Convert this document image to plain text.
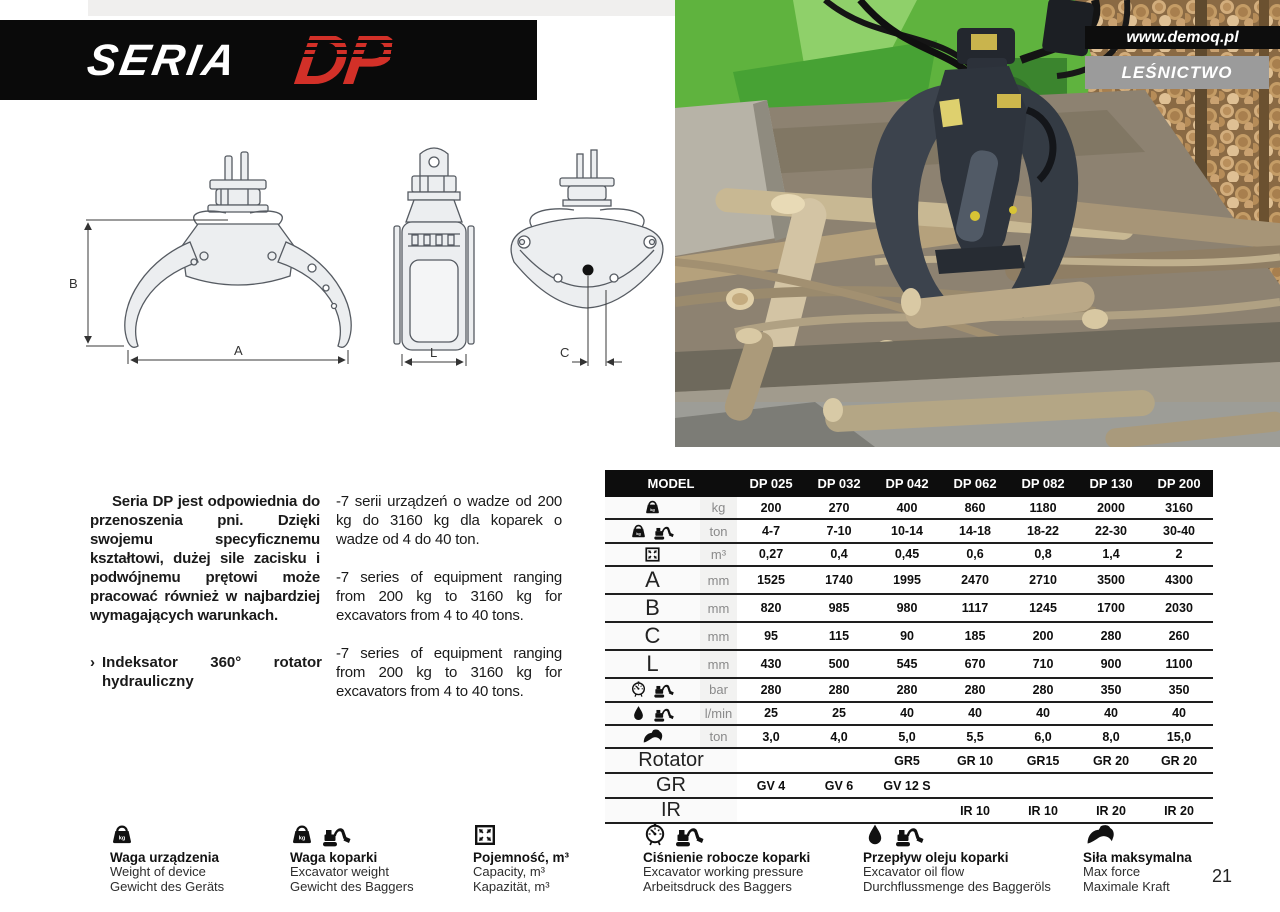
SERIA DP	www.demoq.pl
LEŚNICTWO
B
A	L	C

Seria DP jest odpowiednia do przenoszenia pni. Dzięki swojemu specyficznemu kształtowi, dużej sile zacisku i podwójnemu prętowi może pracować również w najbardziej wymagających warunkach.

› Indeksator 360° rotator hydrauliczny

-7 serii urządzeń o wadze od 200 kg do 3160 kg dla koparek o wadze od 4 do 40 ton.

-7 series of equipment ranging from 200 kg to 3160 kg for excavators from 4 to 40 tons.

-7 series of equipment ranging from 200 kg to 3160 kg for excavators from 4 to 40 tons.

MODEL		DP 025	DP 032	DP 042	DP 062	DP 082	DP 130	DP 200

	kg	200	270	400	860	1180	2000	3160

	ton	4-7	7-10	10-14	14-18	18-22	22-30	30-40

	m³	0,27	0,4	0,45	0,6	0,8	1,4	2

A	mm	1525	1740	1995	2470	2710	3500	4300

B	mm	820	985	980	1117	1245	1700	2030

C	mm	95	115	90	185	200	280	260

L	mm	430	500	545	670	710	900	1100

	bar	280	280	280	280	280	350	350

	l/min	25	25	40	40	40	40	40

	ton	3,0	4,0	5,0	5,5	6,0	8,0	15,0
Rotator				GR5	GR 10	GR15	GR 20	GR 20
GR		GV 4	GV 6	GV 12 S				
IR					IR 10	IR 10	IR 20	IR 20
Waga urządzenia
Weight of device
Gewicht des Geräts
Waga koparki
Excavator weight
Gewicht des Baggers
Pojemność, m³
Capacity, m³
Kapazität, m³
Ciśnienie robocze koparki
Excavator working pressure
Arbeitsdruck des Baggers
Przepływ oleju koparki
Excavator oil flow
Durchflussmenge des Baggeröls
Siła maksymalna
Max force
Maximale Kraft	21
